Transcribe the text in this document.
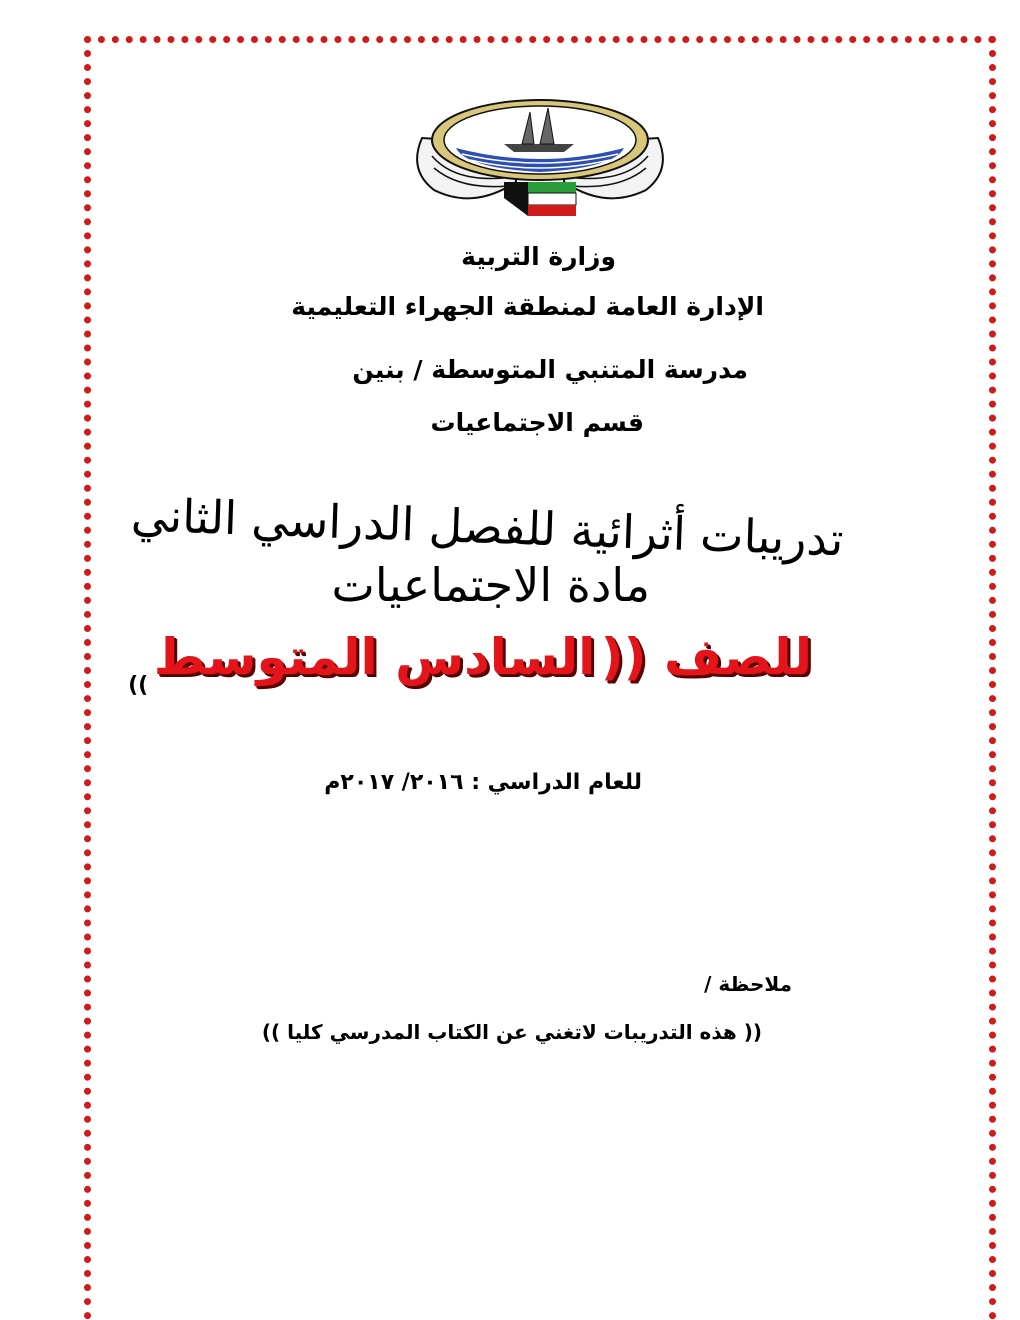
وزارة التربية
الإدارة العامة لمنطقة الجهراء التعليمية
مدرسة المتنبي المتوسطة / بنين
قسم الاجتماعيات
تدريبات أثرائية للفصل الدراسي الثاني
مادة الاجتماعيات
للصف (( السادس المتوسط ))
للعام الدراسي : ٢٠١٦/ ٢٠١٧م
ملاحظة /
(( هذه التدريبات لاتغني عن الكتاب المدرسي كليا ))
